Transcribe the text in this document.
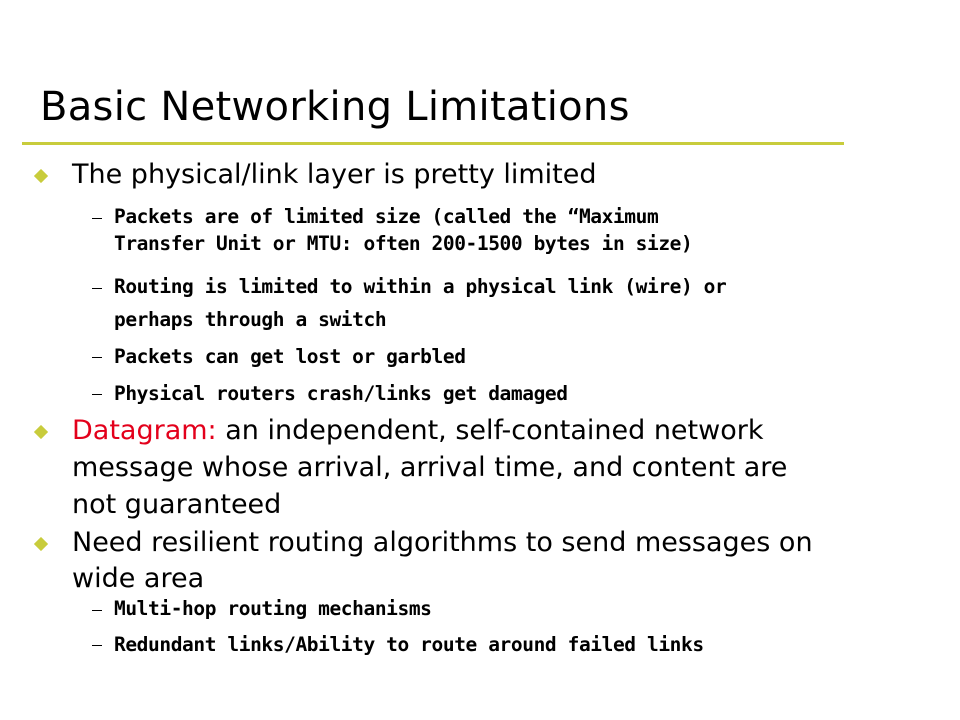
Basic Networking Limitations

The physical/link layer is pretty limited

Packets are of limited size (called the “Maximum

Transfer Unit or MTU: often 200-1500 bytes in size)

Routing is limited to within a physical link (wire) or

perhaps through a switch

Packets can get lost or garbled

Physical routers crash/links get damaged

Datagram: an independent, self-contained network

message whose arrival, arrival time, and content are

not guaranteed

Need resilient routing algorithms to send messages on

wide area

Multi-hop routing mechanisms

Redundant links/Ability to route around failed links
